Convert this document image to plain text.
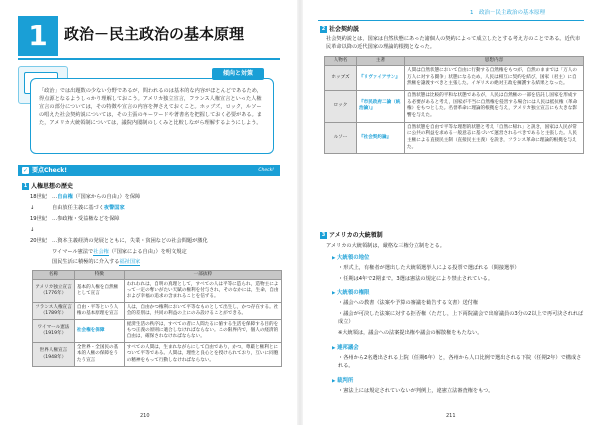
1	政治－民主政治の基本原理
「政治」では出題数の少ない分野であるが，問われるのは基本的な内容がほとんどであるため，得点源となるようしっかり理解しておこう。アメリカ独立宣言，フランス人権宣言といった人権宣言の部分については，その特徴や宣言の内容を押さえておくこと。ホッブズ，ロック，ルソーの唱えた社会契約説については，その主張のキーワードや著書名を把握しておく必要がある。また，アメリカ大統領制については，議院内閣制のしくみと比較しながら理解するようにしよう。
傾向と対策
✓ 要点Check!	Check!
1 人権思想の歴史
18世紀 …自由権（『国家からの自由』）を保障
↓	自由放任主義に基づく夜警国家
19世紀 …参政権・受益権などを保障
↓
20世紀 …資本主義経済の発展とともに，失業・貧困などの社会問題が激化
ワイマール憲法で社会権（『国家による自由』）を明文規定
国民生活に積極的に介入する福祉国家
名称	特徴	一部抜粋
アメリカ独立宣言（1776年）	基本的人権を自然権として宣言	われわれは，自明の真理として，すべての人は平等に造られ，造物主によって一定の奪いがたい天賦の権利を付与され，そのなかには，生命，自由および幸福の追求の含まれることを信ずる。
フランス人権宣言（1789年）	自由・平等という人権の基本原理を宣言	人は，自由かつ権利において平等なものとして出生し，かつ存在する。社会的差別は，共同の利益の上にのみ設けることができる。
ワイマール憲法（1919年）	社会権を保障	経済生活の秩序は，すべての者に人間たるに値する生活を保障する目的をもつ正義の原則に適合しなければならない。この限界内で，個人の経済的自由は，確保されなければならない。
世界人権宣言（1948年）	全世界・全国民の基本的人権の保障をうたう宣言	すべての人間は，生まれながらにして自由であり，かつ，尊厳と権利とについて平等である。人間は，理性と良心とを授けられており，互いに同胞の精神をもって行動しなければならない。
210
1　政治－民主政治の基本原理
2 社会契約説
社会契約説とは，国家は自然状態にあった諸個人の契約によって成立したとする考え方のことである。近代市民革命以降の近代国家の理論的根拠となった。
人物名	主著	思想内容
ホッブズ	『リヴァイアサン』	人間は自然状態において自由に行動する自然権をもつが，自然のままでは「万人の万人に対する闘争」状態になるため，人民は相互に契約を結び，国家（君主）に自然権を譲渡すべきと主張した。イギリスの絶対王政を擁護する結果となった。
ロック	『市民政府二論（統治論）』	自然状態は比較的平和な状態であるが，人民は自然権の一部を信託し国家を形成する必要があると考え，国家が不当に自然権を侵害する場合には人民は抵抗権（革命権）をもつとした。名誉革命に理論的根拠を与え，アメリカ独立宣言にも大きな影響を与えた。
ルソー	『社会契約論』	自然状態を自由で平等な理想的状態と考え「自然に帰れ」と説き，国家は人民が常に公共の利益を求める一般意志に基づいて運営されるべきであると主張した。人民主権による直接民主制（直接民主主義）を説き，フランス革命に理論的根拠を与えた。
3 アメリカの大統領制
アメリカの大統領制は，厳格な三権分立制をとる。
▶ 大統領の地位
・形式上，有権者が選出した大統領選挙人による投票で選ばれる（間接選挙）
・任期は4年で2期まで。3選は憲法の規定により禁止されている。
▶ 大統領の権限
・議会への教書（法案や予算の審議を勧告する文書）送付権
・議会が可決した法案に対する拒否権（ただし，上下両院議会で出席議員の3分の2以上で再可決されれば成立）
※大統領は，議会への法案提出権や議会の解散権をもたない。
▶ 連邦議会
・各州から2名選出される上院（任期6年）と，各州から人口比例で選出される下院（任期2年）で構成される。
▶ 裁判所
・憲法上には規定されていないが判例上，違憲立法審査権をもつ。
211
